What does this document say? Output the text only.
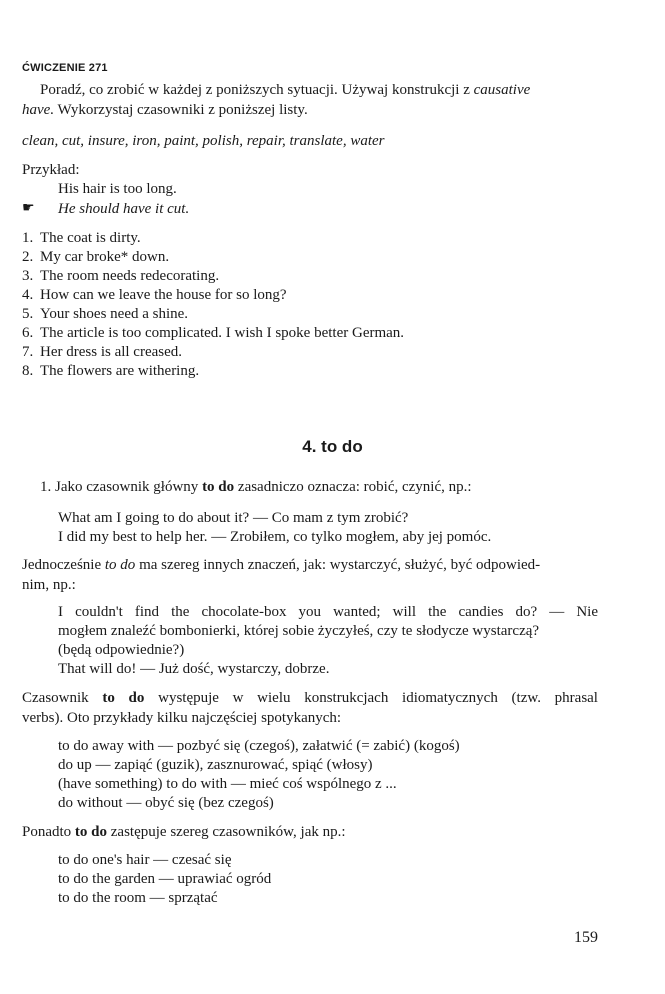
ĆWICZENIE 271
Poradź, co zrobić w każdej z poniższych sytuacji. Używaj konstrukcji z causative
have. Wykorzystaj czasowniki z poniższej listy.
clean, cut, insure, iron, paint, polish, repair, translate, water
Przykład:
His hair is too long.
☛ He should have it cut.
1. The coat is dirty.
2. My car broke* down.
3. The room needs redecorating.
4. How can we leave the house for so long?
5. Your shoes need a shine.
6. The article is too complicated. I wish I spoke better German.
7. Her dress is all creased.
8. The flowers are withering.
4. to do
1. Jako czasownik główny to do zasadniczo oznacza: robić, czynić, np.:
What am I going to do about it? — Co mam z tym zrobić?
I did my best to help her. — Zrobiłem, co tylko mogłem, aby jej pomóc.
Jednocześnie to do ma szereg innych znaczeń, jak: wystarczyć, służyć, być odpowied-
nim, np.:
I couldn't find the chocolate-box you wanted; will the candies do? — Nie
mogłem znaleźć bombonierki, której sobie życzyłeś, czy te słodycze wystarczą?
(będą odpowiednie?)
That will do! — Już dość, wystarczy, dobrze.
Czasownik to do występuje w wielu konstrukcjach idiomatycznych (tzw. phrasal
verbs). Oto przykłady kilku najczęściej spotykanych:
to do away with — pozbyć się (czegoś), załatwić (= zabić) (kogoś)
do up — zapiąć (guzik), zasznurować, spiąć (włosy)
(have something) to do with — mieć coś wspólnego z ...
do without — obyć się (bez czegoś)
Ponadto to do zastępuje szereg czasowników, jak np.:
to do one's hair — czesać się
to do the garden — uprawiać ogród
to do the room — sprzątać
159
